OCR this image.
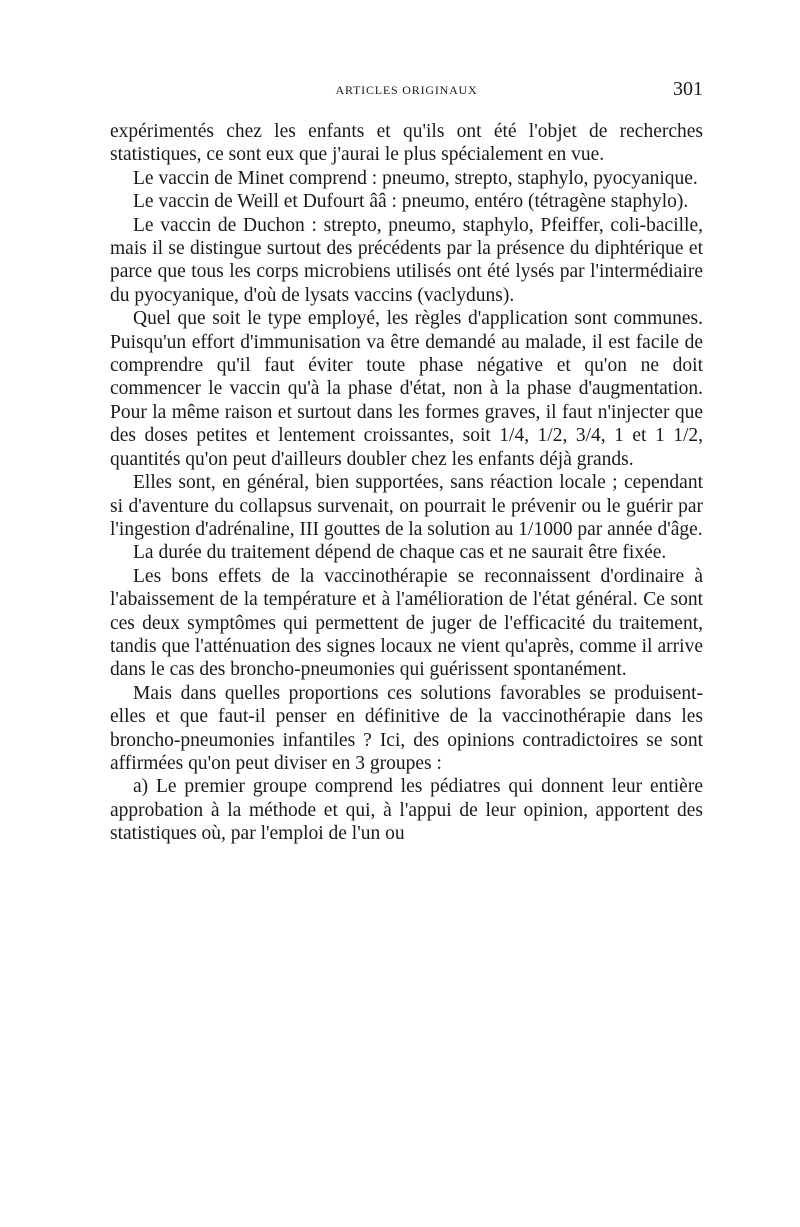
ARTICLES ORIGINAUX	301

expérimentés chez les enfants et qu'ils ont été l'objet de recherches statistiques, ce sont eux que j'aurai le plus spécialement en vue.

Le vaccin de Minet comprend : pneumo, strepto, staphylo, pyocyanique.

Le vaccin de Weill et Dufourt ââ : pneumo, entéro (tétragène staphylo).

Le vaccin de Duchon : strepto, pneumo, staphylo, Pfeiffer, coli-bacille, mais il se distingue surtout des précédents par la présence du diphtérique et parce que tous les corps microbiens utilisés ont été lysés par l'intermédiaire du pyocyanique, d'où de lysats vaccins (vaclyduns).

Quel que soit le type employé, les règles d'application sont communes. Puisqu'un effort d'immunisation va être demandé au malade, il est facile de comprendre qu'il faut éviter toute phase négative et qu'on ne doit commencer le vaccin qu'à la phase d'état, non à la phase d'augmentation. Pour la même raison et surtout dans les formes graves, il faut n'injecter que des doses petites et lentement croissantes, soit 1/4, 1/2, 3/4, 1 et 1 1/2, quantités qu'on peut d'ailleurs doubler chez les enfants déjà grands.

Elles sont, en général, bien supportées, sans réaction locale ; cependant si d'aventure du collapsus survenait, on pourrait le prévenir ou le guérir par l'ingestion d'adrénaline, III gouttes de la solution au 1/1000 par année d'âge.

La durée du traitement dépend de chaque cas et ne saurait être fixée.

Les bons effets de la vaccinothérapie se reconnaissent d'ordinaire à l'abaissement de la température et à l'amélioration de l'état général. Ce sont ces deux symptômes qui permettent de juger de l'efficacité du traitement, tandis que l'atténuation des signes locaux ne vient qu'après, comme il arrive dans le cas des broncho-pneumonies qui guérissent spontanément.

Mais dans quelles proportions ces solutions favorables se produisent-elles et que faut-il penser en définitive de la vaccinothérapie dans les broncho-pneumonies infantiles ? Ici, des opinions contradictoires se sont affirmées qu'on peut diviser en 3 groupes :

a) Le premier groupe comprend les pédiatres qui donnent leur entière approbation à la méthode et qui, à l'appui de leur opinion, apportent des statistiques où, par l'emploi de l'un ou
